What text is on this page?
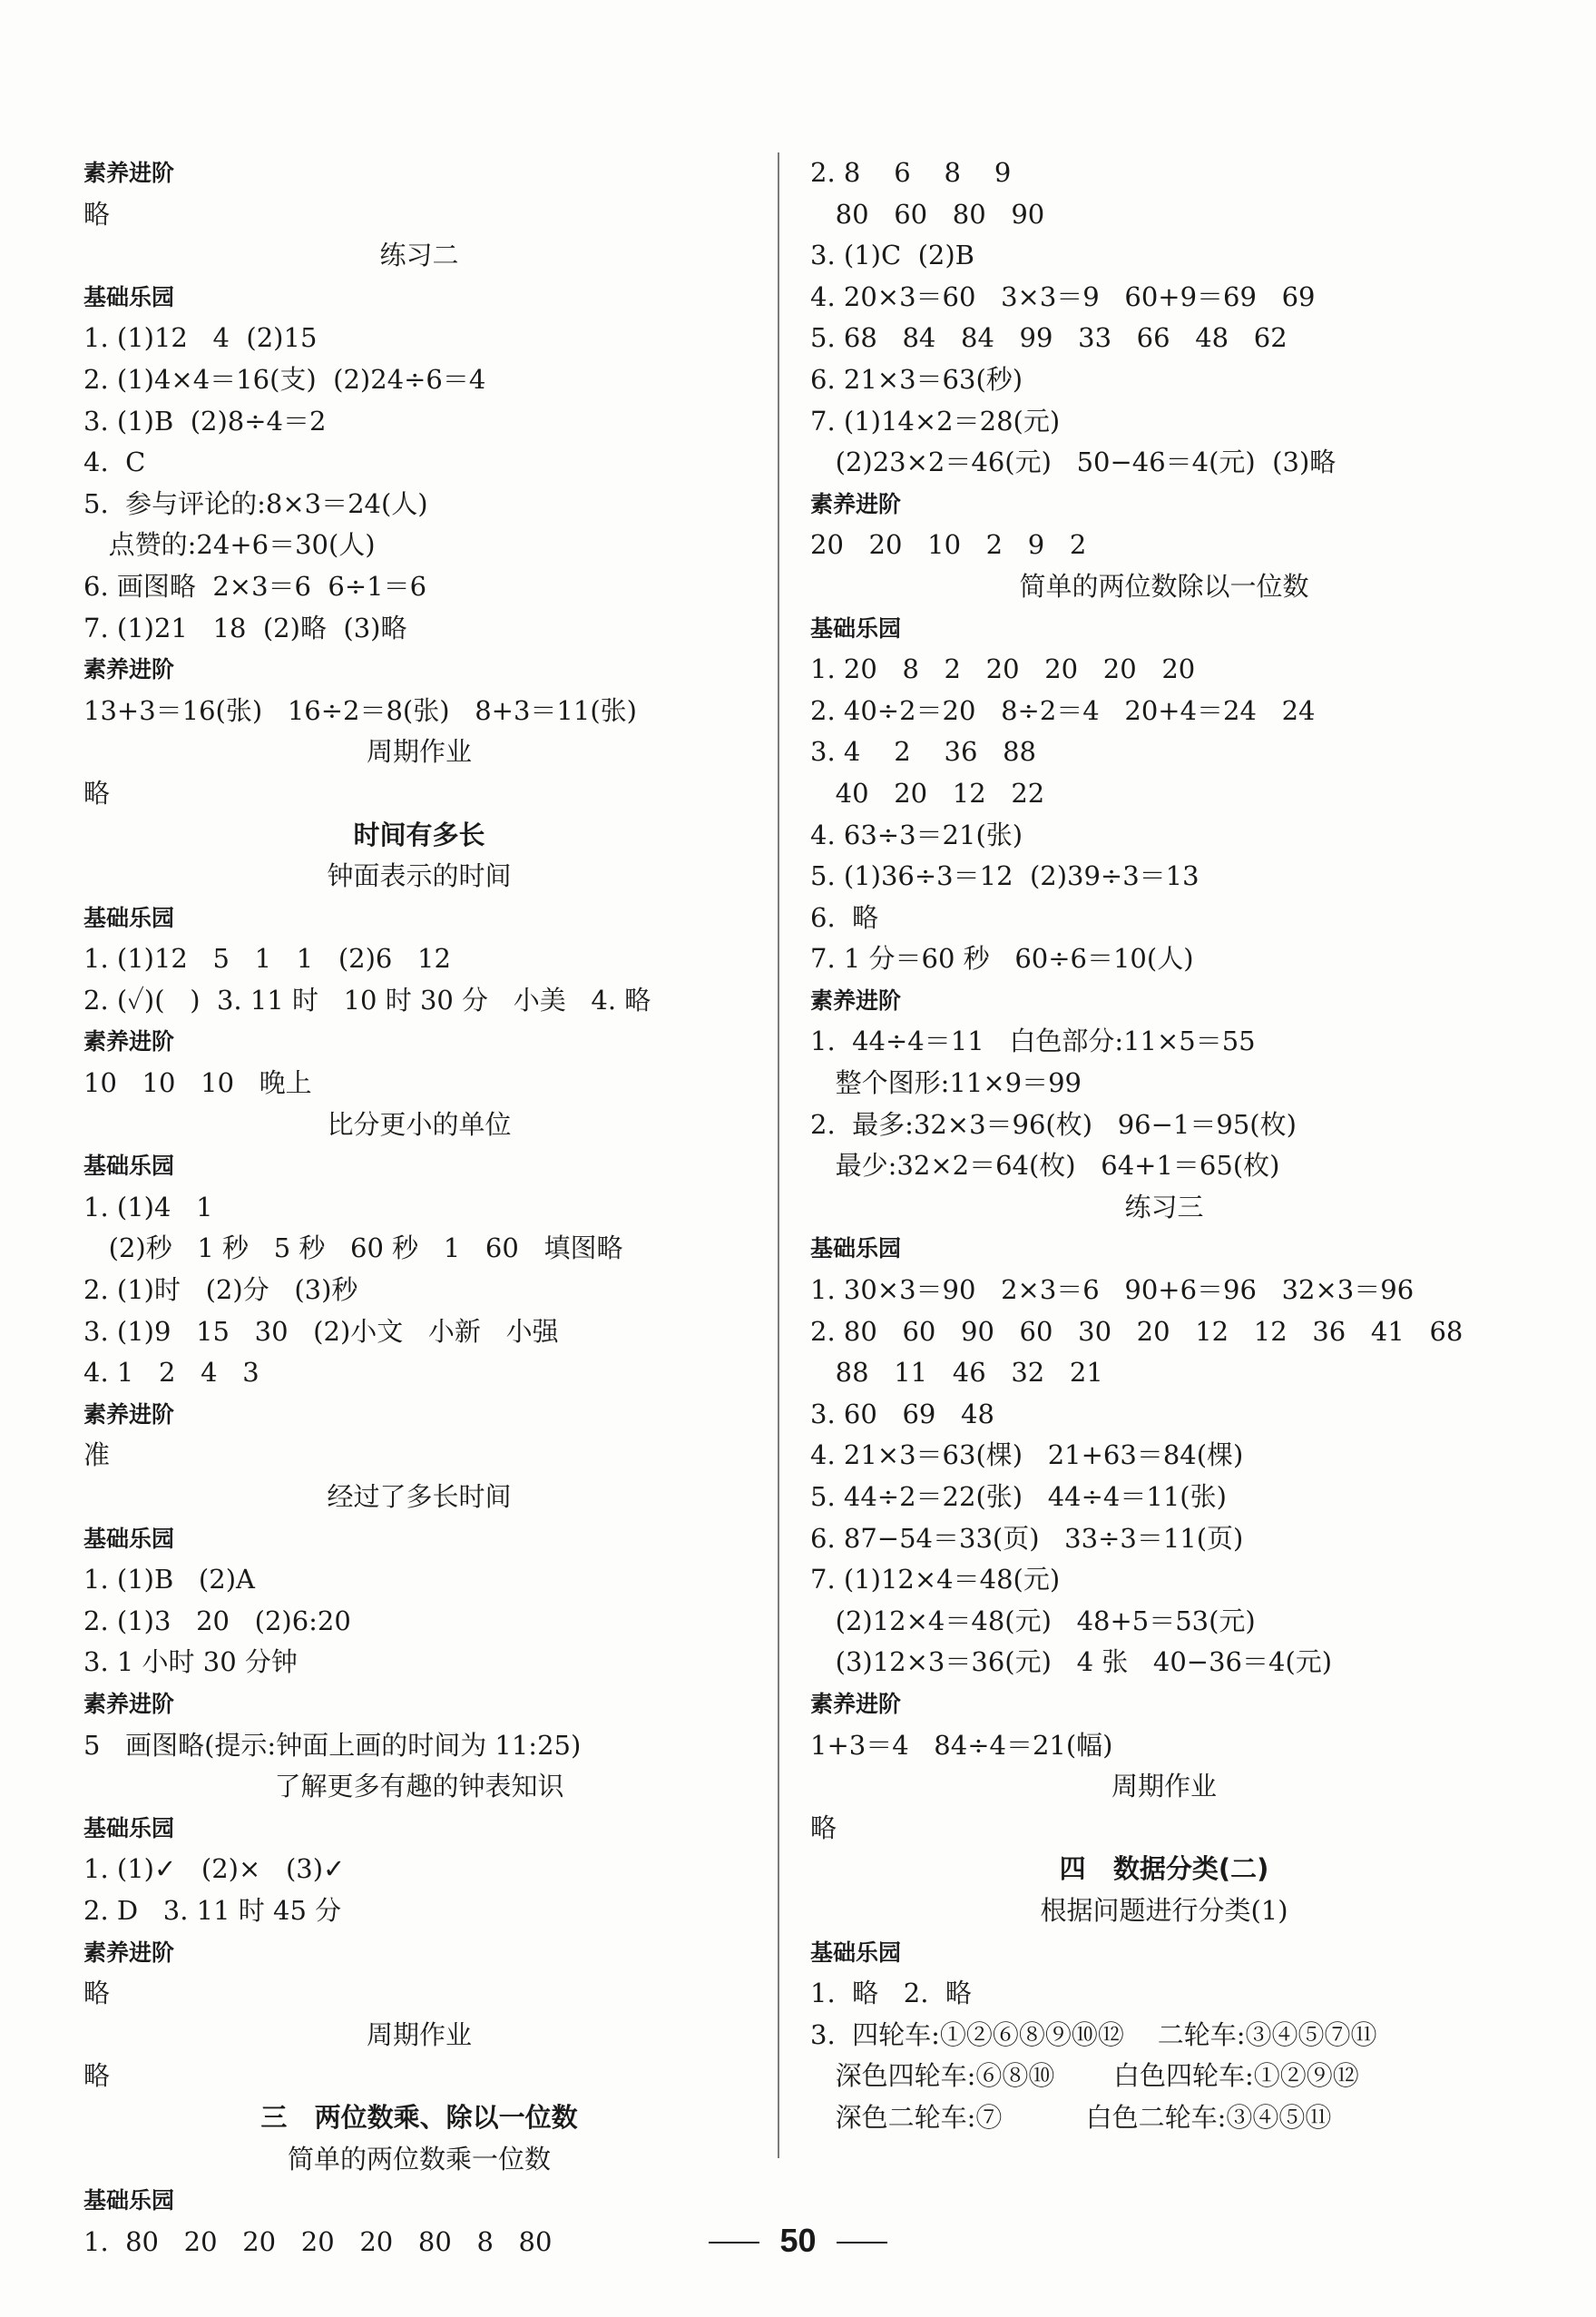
素养进阶
略
练习二
基础乐园
1. (1)12   4  (2)15
2. (1)4×4＝16(支)  (2)24÷6＝4
3. (1)B  (2)8÷4＝2
4.  C
5.  参与评论的:8×3＝24(人)
点赞的:24+6＝30(人)
6. 画图略  2×3＝6  6÷1＝6
7. (1)21   18  (2)略  (3)略
素养进阶
13+3＝16(张)   16÷2＝8(张)   8+3＝11(张)
周期作业
略
时间有多长
钟面表示的时间
基础乐园
1. (1)12   5   1   1   (2)6   12
2. (✓)(   )  3. 11 时   10 时 30 分   小美   4. 略
素养进阶
10   10   10   晚上
比分更小的单位
基础乐园
1. (1)4   1
(2)秒   1 秒   5 秒   60 秒   1   60   填图略
2. (1)时   (2)分   (3)秒
3. (1)9   15   30   (2)小文   小新   小强
4. 1   2   4   3
素养进阶
准
经过了多长时间
基础乐园
1. (1)B   (2)A
2. (1)3   20   (2)6:20
3. 1 小时 30 分钟
素养进阶
5   画图略(提示:钟面上画的时间为 11:25)
了解更多有趣的钟表知识
基础乐园
1. (1)✓   (2)×   (3)✓
2. D   3. 11 时 45 分
素养进阶
略
周期作业
略
三   两位数乘、除以一位数
简单的两位数乘一位数
基础乐园
1.  80   20   20   20   20   80   8   80
2. 8    6    8    9
80   60   80   90
3. (1)C  (2)B
4. 20×3＝60   3×3＝9   60+9＝69   69
5. 68   84   84   99   33   66   48   62
6. 21×3＝63(秒)
7. (1)14×2＝28(元)
(2)23×2＝46(元)   50−46＝4(元)  (3)略
素养进阶
20   20   10   2   9   2
简单的两位数除以一位数
基础乐园
1. 20   8   2   20   20   20   20
2. 40÷2＝20   8÷2＝4   20+4＝24   24
3. 4    2    36   88
40   20   12   22
4. 63÷3＝21(张)
5. (1)36÷3＝12  (2)39÷3＝13
6.  略
7. 1 分＝60 秒   60÷6＝10(人)
素养进阶
1.  44÷4＝11   白色部分:11×5＝55
整个图形:11×9＝99
2.  最多:32×3＝96(枚)   96−1＝95(枚)
最少:32×2＝64(枚)   64+1＝65(枚)
练习三
基础乐园
1. 30×3＝90   2×3＝6   90+6＝96   32×3＝96
2. 80   60   90   60   30   20   12   12   36   41   68
88   11   46   32   21
3. 60   69   48
4. 21×3＝63(棵)   21+63＝84(棵)
5. 44÷2＝22(张)   44÷4＝11(张)
6. 87−54＝33(页)   33÷3＝11(页)
7. (1)12×4＝48(元)
(2)12×4＝48(元)   48+5＝53(元)
(3)12×3＝36(元)   4 张   40−36＝4(元)
素养进阶
1+3＝4   84÷4＝21(幅)
周期作业
略
四   数据分类(二)
根据问题进行分类(1)
基础乐园
1.  略   2.  略
3.  四轮车:①②⑥⑧⑨⑩⑫    二轮车:③④⑤⑦⑪
深色四轮车:⑥⑧⑩       白色四轮车:①②⑨⑫
深色二轮车:⑦          白色二轮车:③④⑤⑪
50
